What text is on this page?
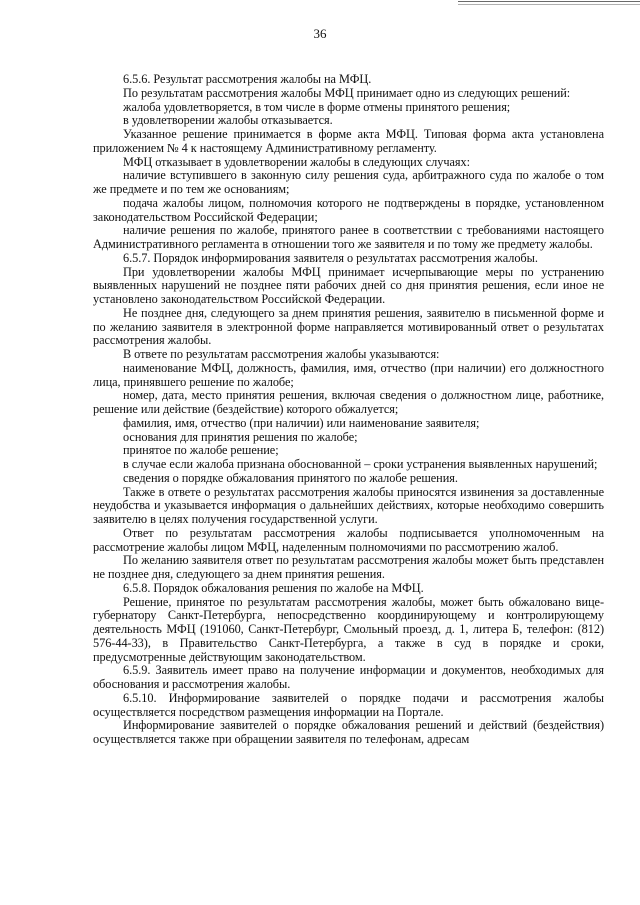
36

6.5.6. Результат рассмотрения жалобы на МФЦ.

По результатам рассмотрения жалобы МФЦ принимает одно из следующих решений:

жалоба удовлетворяется, в том числе в форме отмены принятого решения;

в удовлетворении жалобы отказывается.

Указанное решение принимается в форме акта МФЦ. Типовая форма акта установлена приложением № 4 к настоящему Административному регламенту.

МФЦ отказывает в удовлетворении жалобы в следующих случаях:

наличие вступившего в законную силу решения суда, арбитражного суда по жалобе о том же предмете и по тем же основаниям;

подача жалобы лицом, полномочия которого не подтверждены в порядке, установленном законодательством Российской Федерации;

наличие решения по жалобе, принятого ранее в соответствии с требованиями настоящего Административного регламента в отношении того же заявителя и по тому же предмету жалобы.

6.5.7. Порядок информирования заявителя о результатах рассмотрения жалобы.

При удовлетворении жалобы МФЦ принимает исчерпывающие меры по устранению выявленных нарушений не позднее пяти рабочих дней со дня принятия решения, если иное не установлено законодательством Российской Федерации.

Не позднее дня, следующего за днем принятия решения, заявителю в письменной форме и по желанию заявителя в электронной форме направляется мотивированный ответ о результатах рассмотрения жалобы.

В ответе по результатам рассмотрения жалобы указываются:

наименование МФЦ, должность, фамилия, имя, отчество (при наличии) его должностного лица, принявшего решение по жалобе;

номер, дата, место принятия решения, включая сведения о должностном лице, работнике, решение или действие (бездействие) которого обжалуется;

фамилия, имя, отчество (при наличии) или наименование заявителя;

основания для принятия решения по жалобе;

принятое по жалобе решение;

в случае если жалоба признана обоснованной – сроки устранения выявленных нарушений;

сведения о порядке обжалования принятого по жалобе решения.

Также в ответе о результатах рассмотрения жалобы приносятся извинения за доставленные неудобства и указывается информация о дальнейших действиях, которые необходимо совершить заявителю в целях получения государственной услуги.

Ответ по результатам рассмотрения жалобы подписывается уполномоченным на рассмотрение жалобы лицом МФЦ, наделенным полномочиями по рассмотрению жалоб.

По желанию заявителя ответ по результатам рассмотрения жалобы может быть представлен не позднее дня, следующего за днем принятия решения.

6.5.8. Порядок обжалования решения по жалобе на МФЦ.

Решение, принятое по результатам рассмотрения жалобы, может быть обжаловано вице-губернатору Санкт-Петербурга, непосредственно координирующему и контролирующему деятельность МФЦ (191060, Санкт-Петербург, Смольный проезд, д. 1, литера Б, телефон: (812) 576-44-33), в Правительство Санкт-Петербурга, а также в суд в порядке и сроки, предусмотренные действующим законодательством.

6.5.9. Заявитель имеет право на получение информации и документов, необходимых для обоснования и рассмотрения жалобы.

6.5.10. Информирование заявителей о порядке подачи и рассмотрения жалобы осуществляется посредством размещения информации на Портале.

Информирование заявителей о порядке обжалования решений и действий (бездействия) осуществляется также при обращении заявителя по телефонам, адресам
